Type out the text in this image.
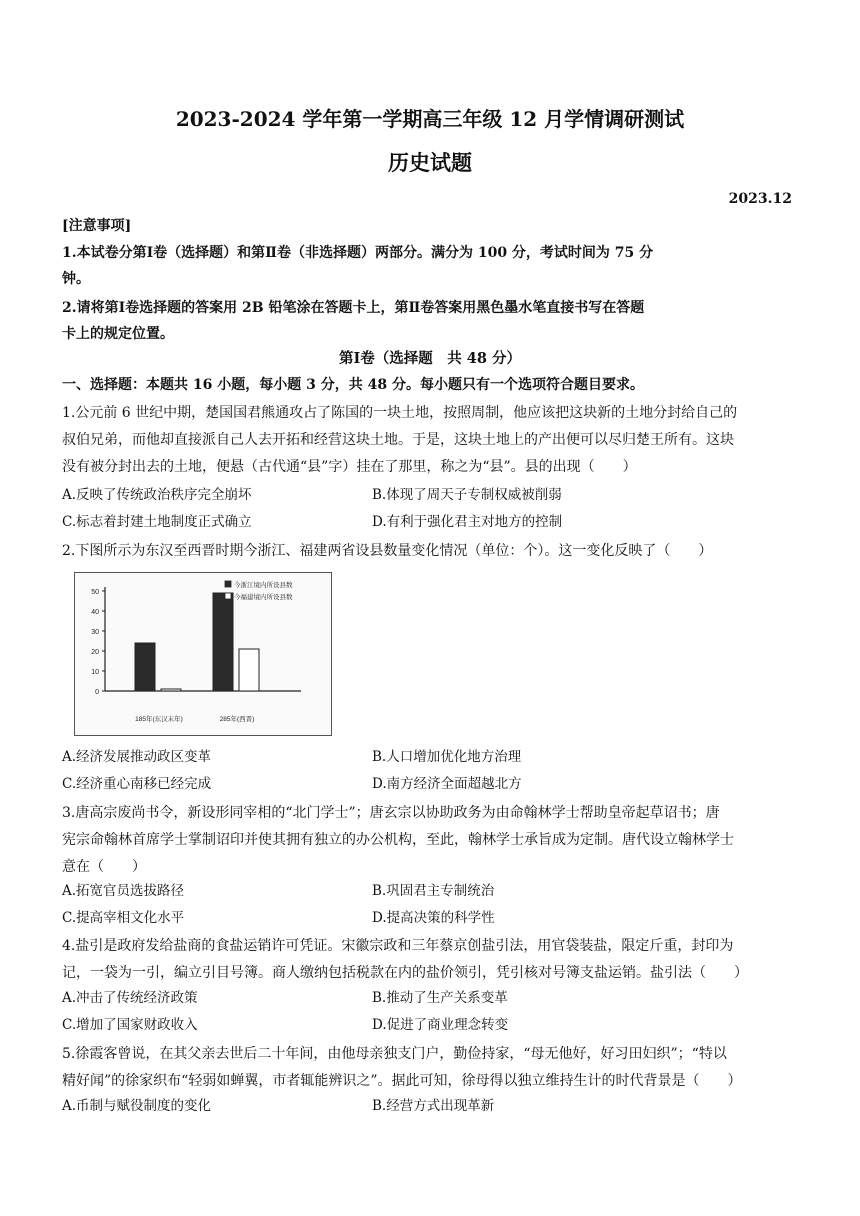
2023-2024 学年第一学期高三年级 12 月学情调研测试
历史试题
2023.12
[注意事项]
1.本试卷分第Ⅰ卷（选择题）和第Ⅱ卷（非选择题）两部分。满分为 100 分，考试时间为 75 分
钟。
2.请将第Ⅰ卷选择题的答案用 2B 铅笔涂在答题卡上，第Ⅱ卷答案用黑色墨水笔直接书写在答题
卡上的规定位置。
第Ⅰ卷（选择题　共 48 分）
一、选择题：本题共 16 小题，每小题 3 分，共 48 分。每小题只有一个选项符合题目要求。
1.公元前 6 世纪中期，楚国国君熊通攻占了陈国的一块土地，按照周制，他应该把这块新的土地分封给自己的
叔伯兄弟，而他却直接派自己人去开拓和经营这块土地。于是，这块土地上的产出便可以尽归楚王所有。这块
没有被分封出去的土地，便悬（古代通“县”字）挂在了那里，称之为“县”。县的出现（　　）
A.反映了传统政治秩序完全崩坏	B.体现了周天子专制权威被削弱
C.标志着封建土地制度正式确立	D.有利于强化君主对地方的控制
2.下图所示为东汉至西晋时期今浙江、福建两省设县数量变化情况（单位：个）。这一变化反映了（　　）
0
10
20
30
40
50
185年(东汉末年)	285年(西晋)
今浙江境内所设县数
今福建境内所设县数
A.经济发展推动政区变革	B.人口增加优化地方治理
C.经济重心南移已经完成	D.南方经济全面超越北方
3.唐高宗废尚书令，新设形同宰相的“北门学士”；唐玄宗以协助政务为由命翰林学士帮助皇帝起草诏书；唐
宪宗命翰林首席学士掌制诏印并使其拥有独立的办公机构，至此，翰林学士承旨成为定制。唐代设立翰林学士
意在（　　）
A.拓宽官员选拔路径	B.巩固君主专制统治
C.提高宰相文化水平	D.提高决策的科学性
4.盐引是政府发给盐商的食盐运销许可凭证。宋徽宗政和三年蔡京创盐引法，用官袋装盐，限定斤重，封印为
记，一袋为一引，编立引目号簿。商人缴纳包括税款在内的盐价领引，凭引核对号簿支盐运销。盐引法（　　）
A.冲击了传统经济政策	B.推动了生产关系变革
C.增加了国家财政收入	D.促进了商业理念转变
5.徐霞客曾说，在其父亲去世后二十年间，由他母亲独支门户，勤俭持家，“母无他好，好习田妇织”；“特以
精好闻”的徐家织布“轻弱如蝉翼，市者辄能辨识之”。据此可知，徐母得以独立维持生计的时代背景是（　　）
A.币制与赋役制度的变化	B.经营方式出现革新
